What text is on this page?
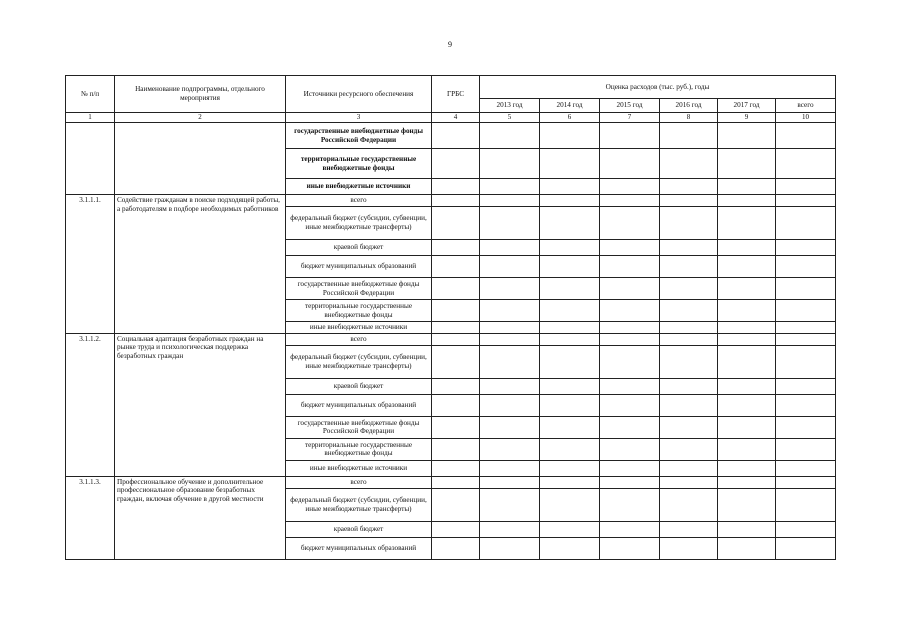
9
№ п/п	Наименование подпрограммы, отдельного мероприятия	Источники ресурсного обеспечения	ГРБС	Оценка расходов (тыс. руб.), годы					
				2013 год	2014 год	2015 год	2016 год	2017 год	всего
1	2	3	4	5	6	7	8	9	10
		государственные внебюджетные фонды Российской Федерации							
		территориальные государственные внебюджетные фонды							
		иные внебюджетные источники							
3.1.1.1.	Содействие гражданам в поиске подходящей работы, а работодателям в подборе необходимых работников	всего							
		федеральный бюджет (субсидии, субвенции, иные межбюджетные трансферты)							
		краевой бюджет							
		бюджет муниципальных образований							
		государственные внебюджетные фонды Российской Федерации							
		территориальные государственные внебюджетные фонды							
		иные внебюджетные источники							
3.1.1.2.	Социальная адаптация безработных граждан на рынке труда и психологическая поддержка безработных граждан	всего							
		федеральный бюджет (субсидии, субвенции, иные межбюджетные трансферты)							
		краевой бюджет							
		бюджет муниципальных образований							
		государственные внебюджетные фонды Российской Федерации							
		территориальные государственные внебюджетные фонды							
		иные внебюджетные источники							
3.1.1.3.	Профессиональное обучение и дополнительное профессиональное образование безработных граждан, включая обучение в другой местности	всего							
		федеральный бюджет (субсидии, субвенции, иные межбюджетные трансферты)							
		краевой бюджет							
		бюджет муниципальных образований							
